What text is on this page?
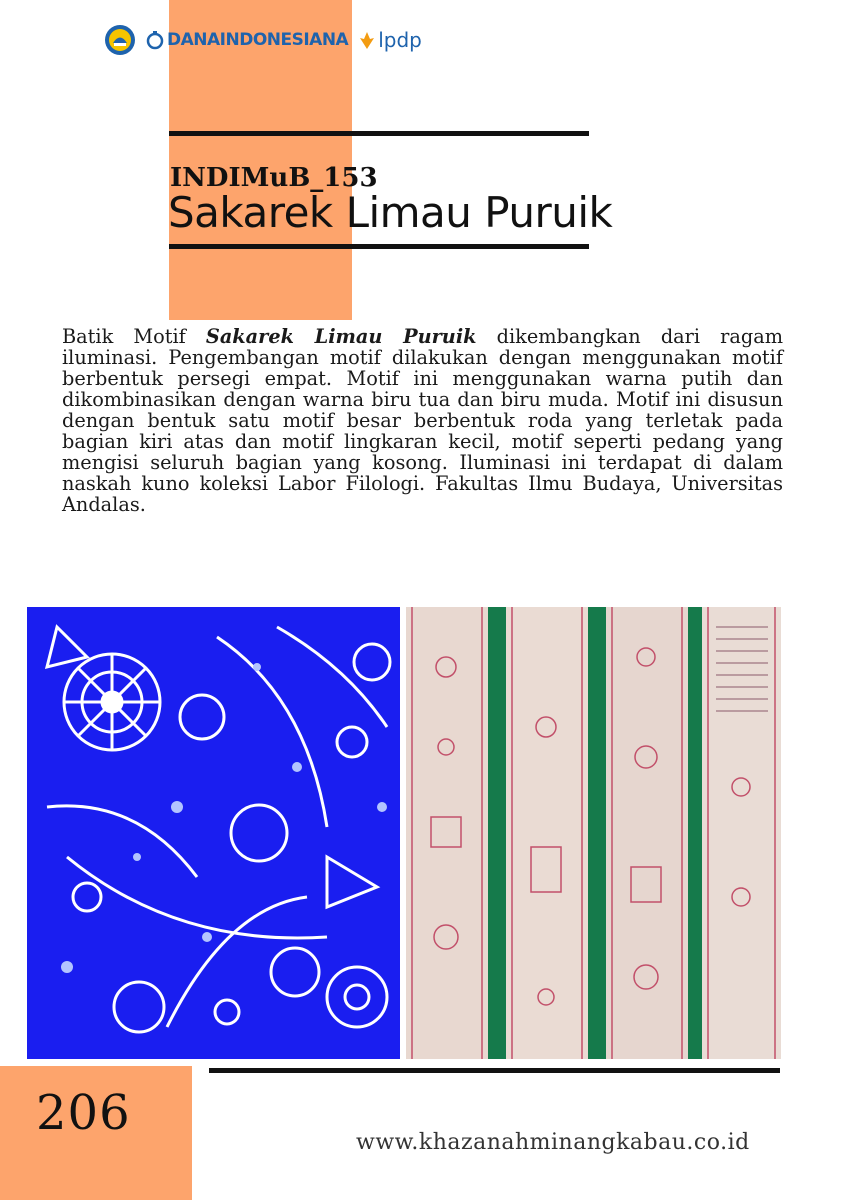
DANAINDONESIANA lpdp
INDIMuB_153
Sakarek Limau Puruik
Batik Motif Sakarek Limau Puruik dikembangkan dari ragam iluminasi. Pengembangan motif dilakukan dengan menggunakan motif berbentuk persegi empat. Motif ini menggunakan warna putih dan dikombinasikan dengan warna biru tua dan biru muda. Motif ini disusun dengan bentuk satu motif besar berbentuk roda yang terletak pada bagian kiri atas dan motif lingkaran kecil, motif seperti pedang yang mengisi seluruh bagian yang kosong. Iluminasi ini terdapat di dalam naskah kuno koleksi Labor Filologi. Fakultas Ilmu Budaya, Universitas Andalas.
206
www.khazanahminangkabau.co.id
